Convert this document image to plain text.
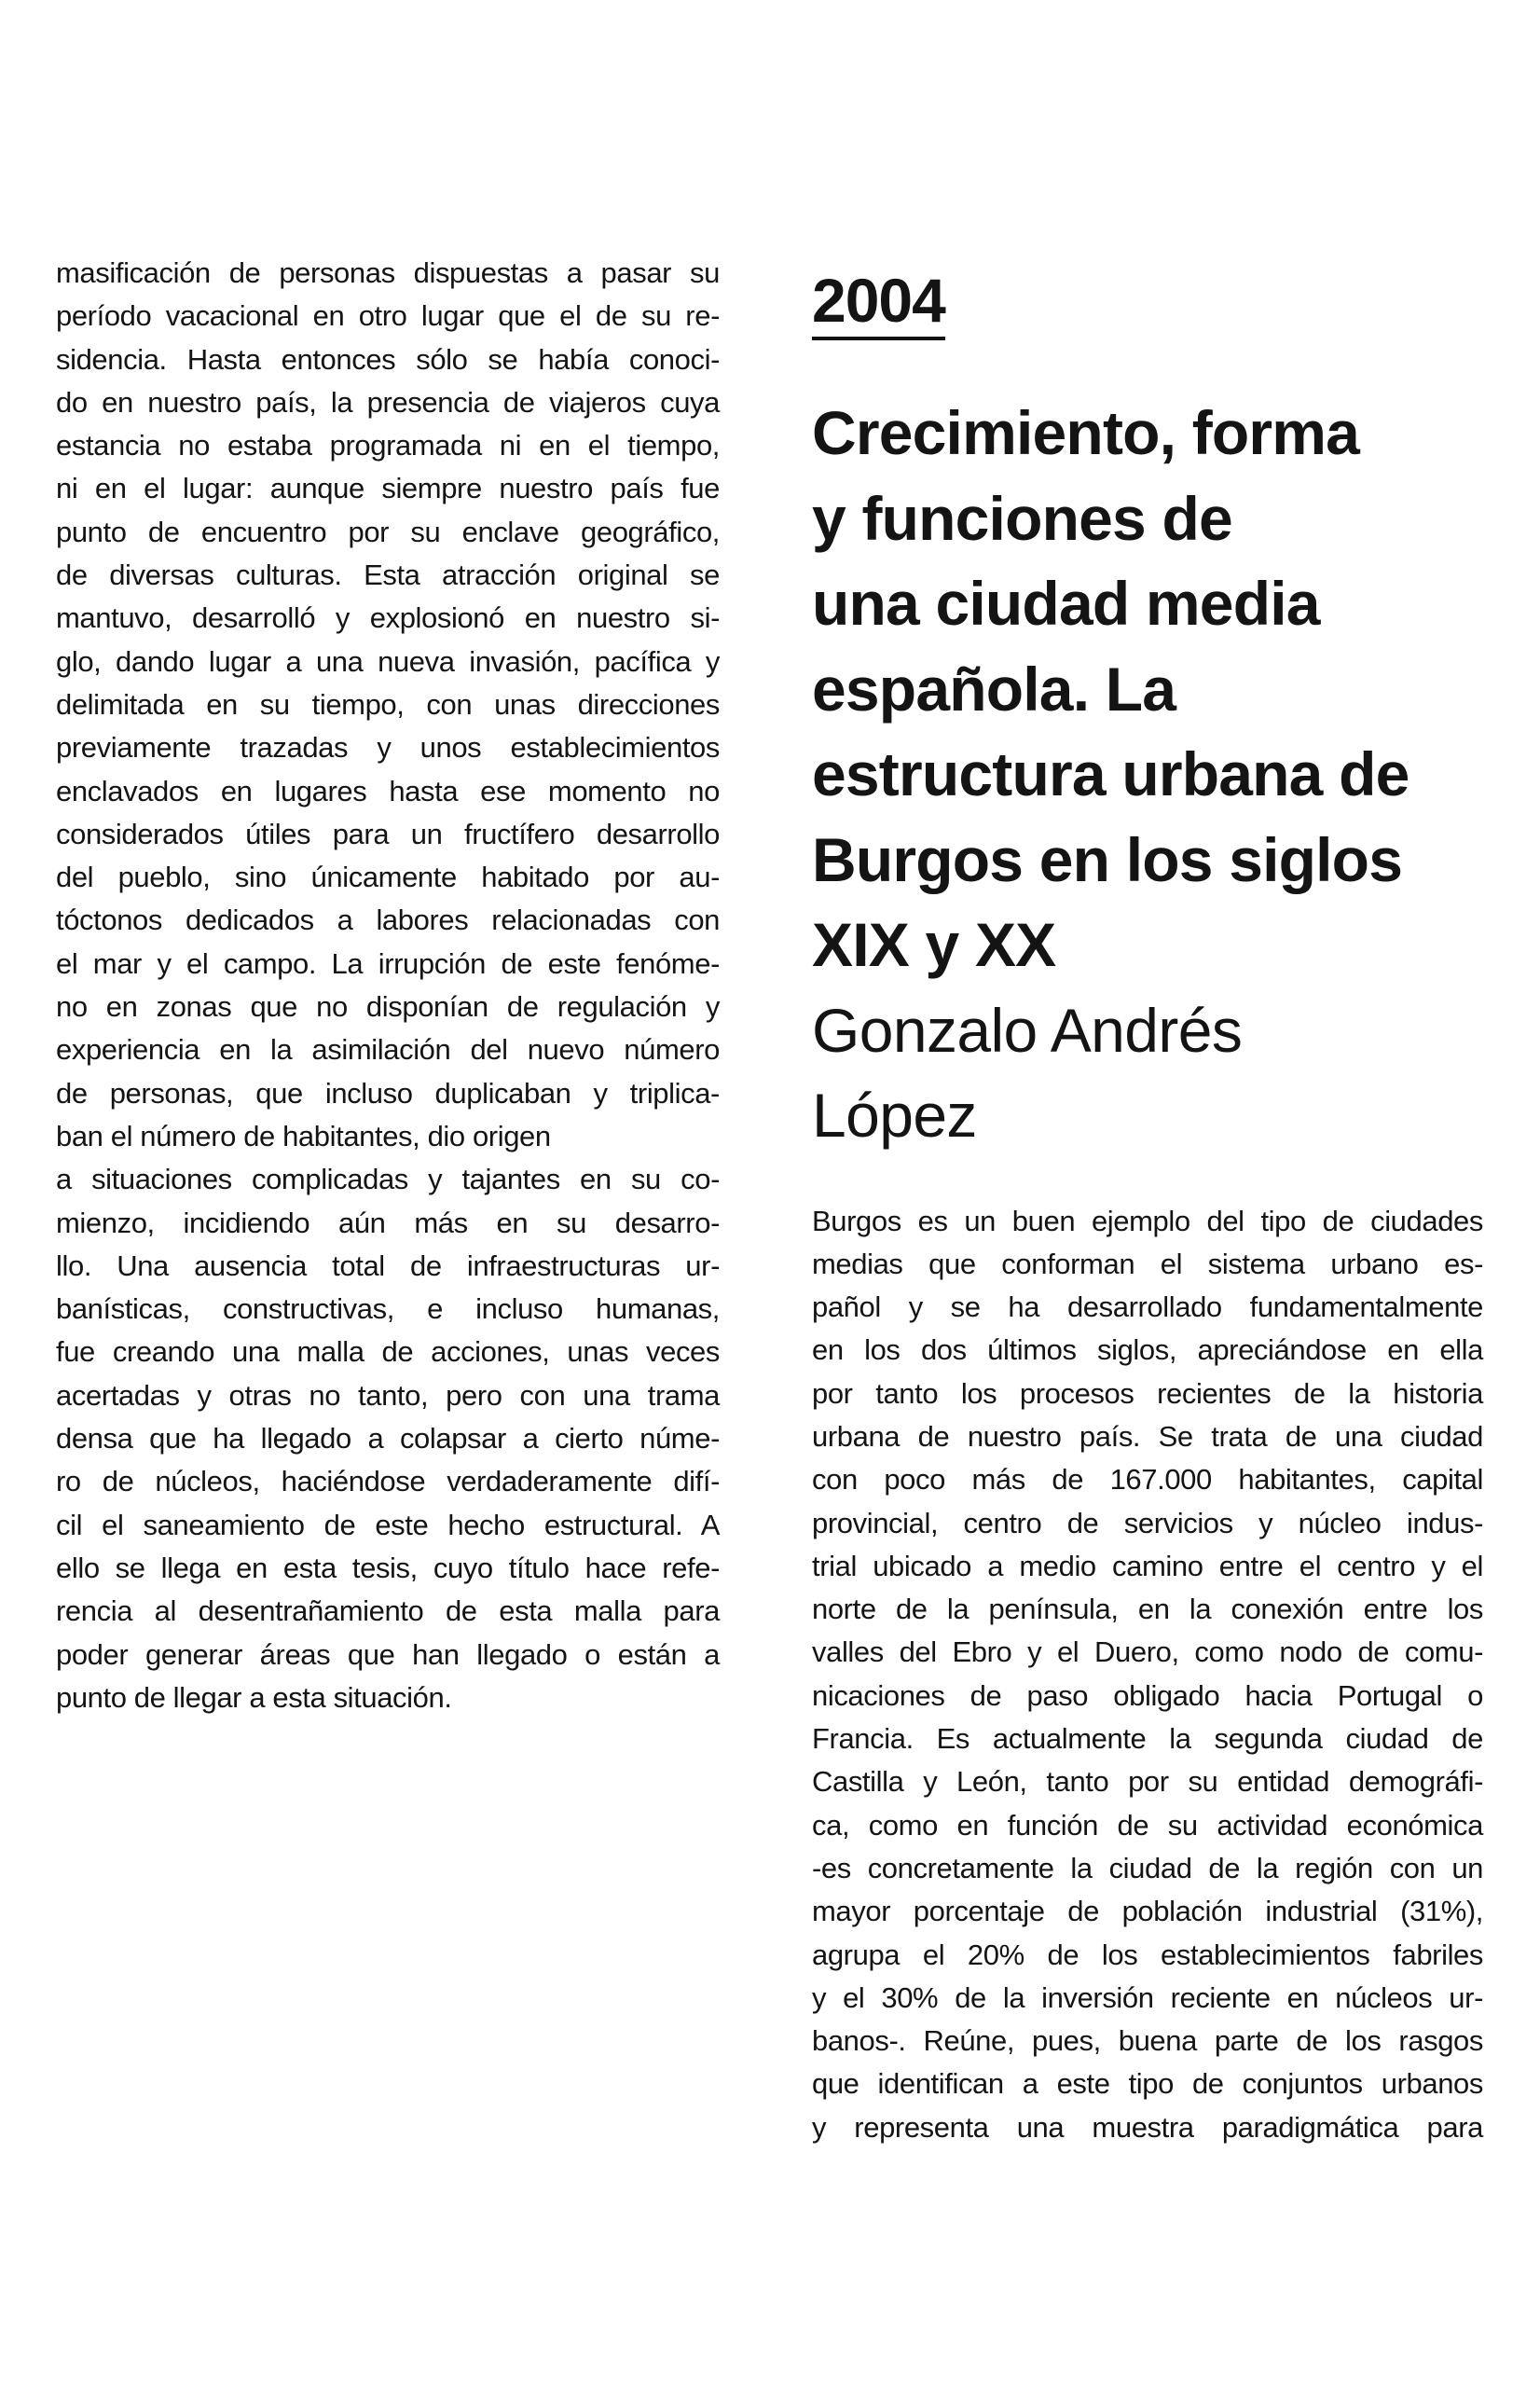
masificación de personas dispuestas a pasar su
período vacacional en otro lugar que el de su re-
sidencia. Hasta entonces sólo se había conoci-
do en nuestro país, la presencia de viajeros cuya
estancia no estaba programada ni en el tiempo,
ni en el lugar: aunque siempre nuestro país fue
punto de encuentro por su enclave geográfico,
de diversas culturas. Esta atracción original se
mantuvo, desarrolló y explosionó en nuestro si-
glo, dando lugar a una nueva invasión, pacífica y
delimitada en su tiempo, con unas direcciones
previamente trazadas y unos establecimientos
enclavados en lugares hasta ese momento no
considerados útiles para un fructífero desarrollo
del pueblo, sino únicamente habitado por au-
tóctonos dedicados a labores relacionadas con
el mar y el campo. La irrupción de este fenóme-
no en zonas que no disponían de regulación y
experiencia en la asimilación del nuevo número
de personas, que incluso duplicaban y triplica-
ban el número de habitantes, dio origen
a situaciones complicadas y tajantes en su co-
mienzo, incidiendo aún más en su desarro-
llo. Una ausencia total de infraestructuras ur-
banísticas, constructivas, e incluso humanas,
fue creando una malla de acciones, unas veces
acertadas y otras no tanto, pero con una trama
densa que ha llegado a colapsar a cierto núme-
ro de núcleos, haciéndose verdaderamente difí-
cil el saneamiento de este hecho estructural. A
ello se llega en esta tesis, cuyo título hace refe-
rencia al desentrañamiento de esta malla para
poder generar áreas que han llegado o están a
punto de llegar a esta situación.
2004
Crecimiento, forma
y funciones de
una ciudad media
española. La
estructura urbana de
Burgos en los siglos
XIX y XX
Gonzalo Andrés
López
Burgos es un buen ejemplo del tipo de ciudades
medias que conforman el sistema urbano es-
pañol y se ha desarrollado fundamentalmente
en los dos últimos siglos, apreciándose en ella
por tanto los procesos recientes de la historia
urbana de nuestro país. Se trata de una ciudad
con poco más de 167.000 habitantes, capital
provincial, centro de servicios y núcleo indus-
trial ubicado a medio camino entre el centro y el
norte de la península, en la conexión entre los
valles del Ebro y el Duero, como nodo de comu-
nicaciones de paso obligado hacia Portugal o
Francia. Es actualmente la segunda ciudad de
Castilla y León, tanto por su entidad demográfi-
ca, como en función de su actividad económica
-es concretamente la ciudad de la región con un
mayor porcentaje de población industrial (31%),
agrupa el 20% de los establecimientos fabriles
y el 30% de la inversión reciente en núcleos ur-
banos-. Reúne, pues, buena parte de los rasgos
que identifican a este tipo de conjuntos urbanos
y representa una muestra paradigmática para
